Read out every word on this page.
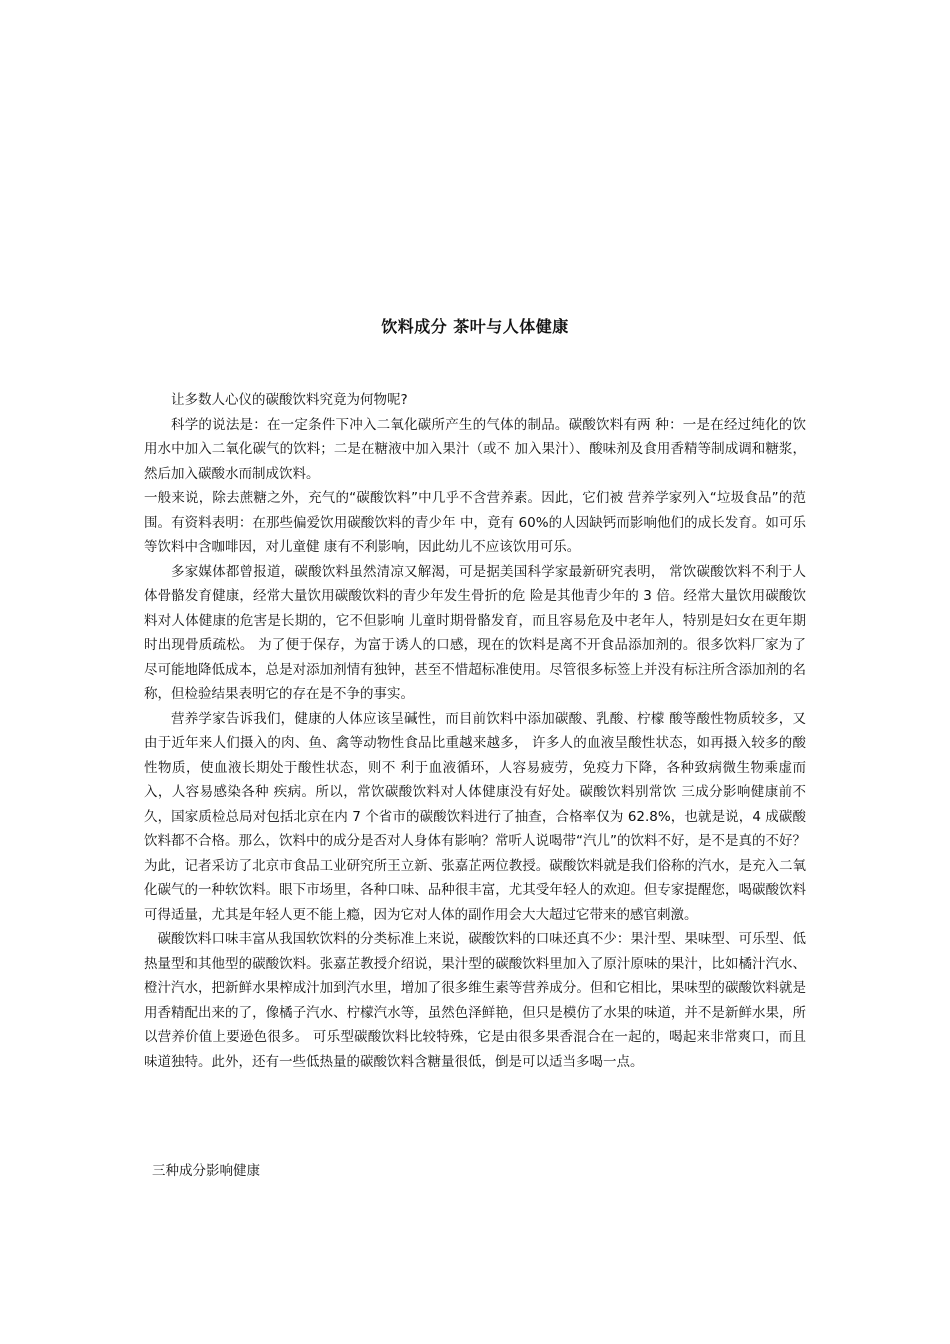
饮料成分 茶叶与人体健康

让多数人心仪的碳酸饮料究竟为何物呢?

科学的说法是：在一定条件下冲入二氧化碳所产生的气体的制品。碳酸饮料有两 种：一是在经过纯化的饮用水中加入二氧化碳气的饮料；二是在糖液中加入果汁（或不 加入果汁）、酸味剂及食用香精等制成调和糖浆，然后加入碳酸水而制成饮料。

一般来说，除去蔗糖之外，充气的“碳酸饮料”中几乎不含营养素。因此，它们被 营养学家列入“垃圾食品”的范围。有资料表明：在那些偏爱饮用碳酸饮料的青少年 中，竟有 60%的人因缺钙而影响他们的成长发育。如可乐等饮料中含咖啡因，对儿童健 康有不利影响，因此幼儿不应该饮用可乐。

多家媒体都曾报道，碳酸饮料虽然清凉又解渴，可是据美国科学家最新研究表明， 常饮碳酸饮料不利于人体骨骼发育健康，经常大量饮用碳酸饮料的青少年发生骨折的危 险是其他青少年的 3 倍。经常大量饮用碳酸饮料对人体健康的危害是长期的，它不但影响 儿童时期骨骼发育，而且容易危及中老年人，特别是妇女在更年期时出现骨质疏松。 为了便于保存，为富于诱人的口感，现在的饮料是离不开食品添加剂的。很多饮料厂家为了尽可能地降低成本，总是对添加剂情有独钟，甚至不惜超标准使用。尽管很多标签上并没有标注所含添加剂的名称，但检验结果表明它的存在是不争的事实。

营养学家告诉我们，健康的人体应该呈碱性，而目前饮料中添加碳酸、乳酸、柠檬 酸等酸性物质较多，又由于近年来人们摄入的肉、鱼、禽等动物性食品比重越来越多， 许多人的血液呈酸性状态，如再摄入较多的酸性物质，使血液长期处于酸性状态，则不 利于血液循环，人容易疲劳，免疫力下降，各种致病微生物乘虚而入，人容易感染各种 疾病。所以，常饮碳酸饮料对人体健康没有好处。碳酸饮料别常饮 三成分影响健康前不久，国家质检总局对包括北京在内 7 个省市的碳酸饮料进行了抽查，合格率仅为 62.8%，也就是说，4 成碳酸饮料都不合格。那么，饮料中的成分是否对人身体有影响？常听人说喝带“汽儿”的饮料不好，是不是真的不好？为此，记者采访了北京市食品工业研究所王立新、张嘉芷两位教授。碳酸饮料就是我们俗称的汽水，是充入二氧化碳气的一种软饮料。眼下市场里，各种口味、品种很丰富，尤其受年轻人的欢迎。但专家提醒您，喝碳酸饮料可得适量，尤其是年轻人更不能上瘾，因为它对人体的副作用会大大超过它带来的感官刺激。

碳酸饮料口味丰富从我国软饮料的分类标准上来说，碳酸饮料的口味还真不少：果汁型、果味型、可乐型、低热量型和其他型的碳酸饮料。张嘉芷教授介绍说，果汁型的碳酸饮料里加入了原汁原味的果汁，比如橘汁汽水、橙汁汽水，把新鲜水果榨成汁加到汽水里，增加了很多维生素等营养成分。但和它相比，果味型的碳酸饮料就是用香精配出来的了，像橘子汽水、柠檬汽水等，虽然色泽鲜艳，但只是模仿了水果的味道，并不是新鲜水果，所以营养价值上要逊色很多。 可乐型碳酸饮料比较特殊，它是由很多果香混合在一起的，喝起来非常爽口，而且味道独特。此外，还有一些低热量的碳酸饮料含糖量很低，倒是可以适当多喝一点。

三种成分影响健康
